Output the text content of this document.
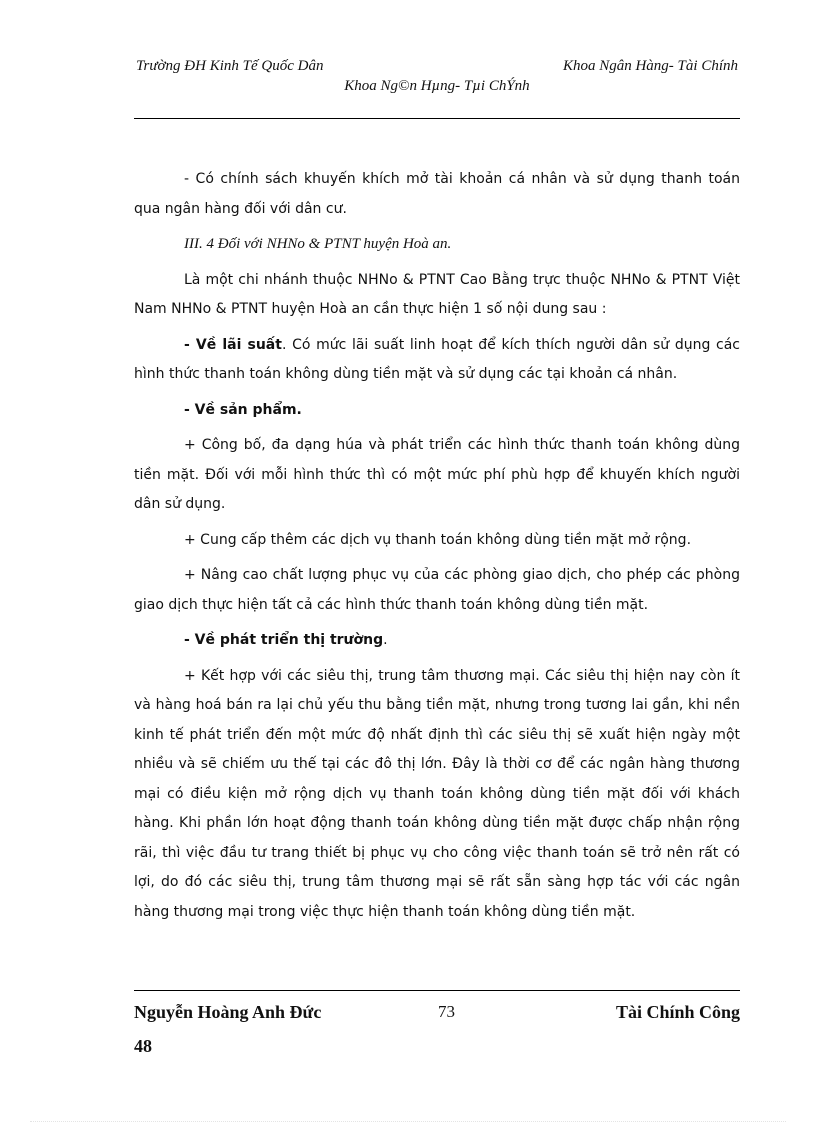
Trường ĐH Kinh Tế Quốc Dân	Khoa Ngân Hàng- Tài Chính
Khoa Ng©n Hµng- Tµi ChÝnh

- Có chính sách khuyến khích mở tài khoản cá nhân và sử dụng thanh toán qua ngân hàng đối với dân cư.

III. 4 Đối với NHNo & PTNT huyện Hoà an.

Là một chi nhánh thuộc NHNo & PTNT Cao Bằng trực thuộc NHNo & PTNT Việt Nam NHNo & PTNT huyện Hoà an cần thực hiện 1 số nội dung sau :

- Về lãi suất. Có mức lãi suất linh hoạt để kích thích người dân sử dụng các hình thức thanh toán không dùng tiền mặt và sử dụng các tại khoản cá nhân.

- Về sản phẩm.

+ Công bố, đa dạng húa và phát triển các hình thức thanh toán không dùng tiền mặt. Đối với mỗi hình thức thì có một mức phí phù hợp để khuyến khích người dân sử dụng.

+ Cung cấp thêm các dịch vụ thanh toán không dùng tiền mặt mở rộng.

+ Nâng cao chất lượng phục vụ của các phòng giao dịch, cho phép các phòng giao dịch thực hiện tất cả các hình thức thanh toán không dùng tiền mặt.

- Về phát triển thị trường.

+ Kết hợp với các siêu thị, trung tâm thương mại. Các siêu thị hiện nay còn ít và hàng hoá bán ra lại chủ yếu thu bằng tiền mặt, nhưng trong tương lai gần, khi nền kinh tế phát triển đến một mức độ nhất định thì các siêu thị sẽ xuất hiện ngày một nhiều và sẽ chiếm ưu thế tại các đô thị lớn. Đây là thời cơ để các ngân hàng thương mại có điều kiện mở rộng dịch vụ thanh toán không dùng tiền mặt đối với khách hàng. Khi phần lớn hoạt động thanh toán không dùng tiền mặt được chấp nhận rộng rãi, thì việc đầu tư trang thiết bị phục vụ cho công việc thanh toán sẽ trở nên rất có lợi, do đó các siêu thị, trung tâm thương mại sẽ rất sẵn sàng hợp tác với các ngân hàng thương mại trong việc thực hiện thanh toán không dùng tiền mặt.

Nguyễn Hoàng Anh Đức	73	Tài Chính Công
48
